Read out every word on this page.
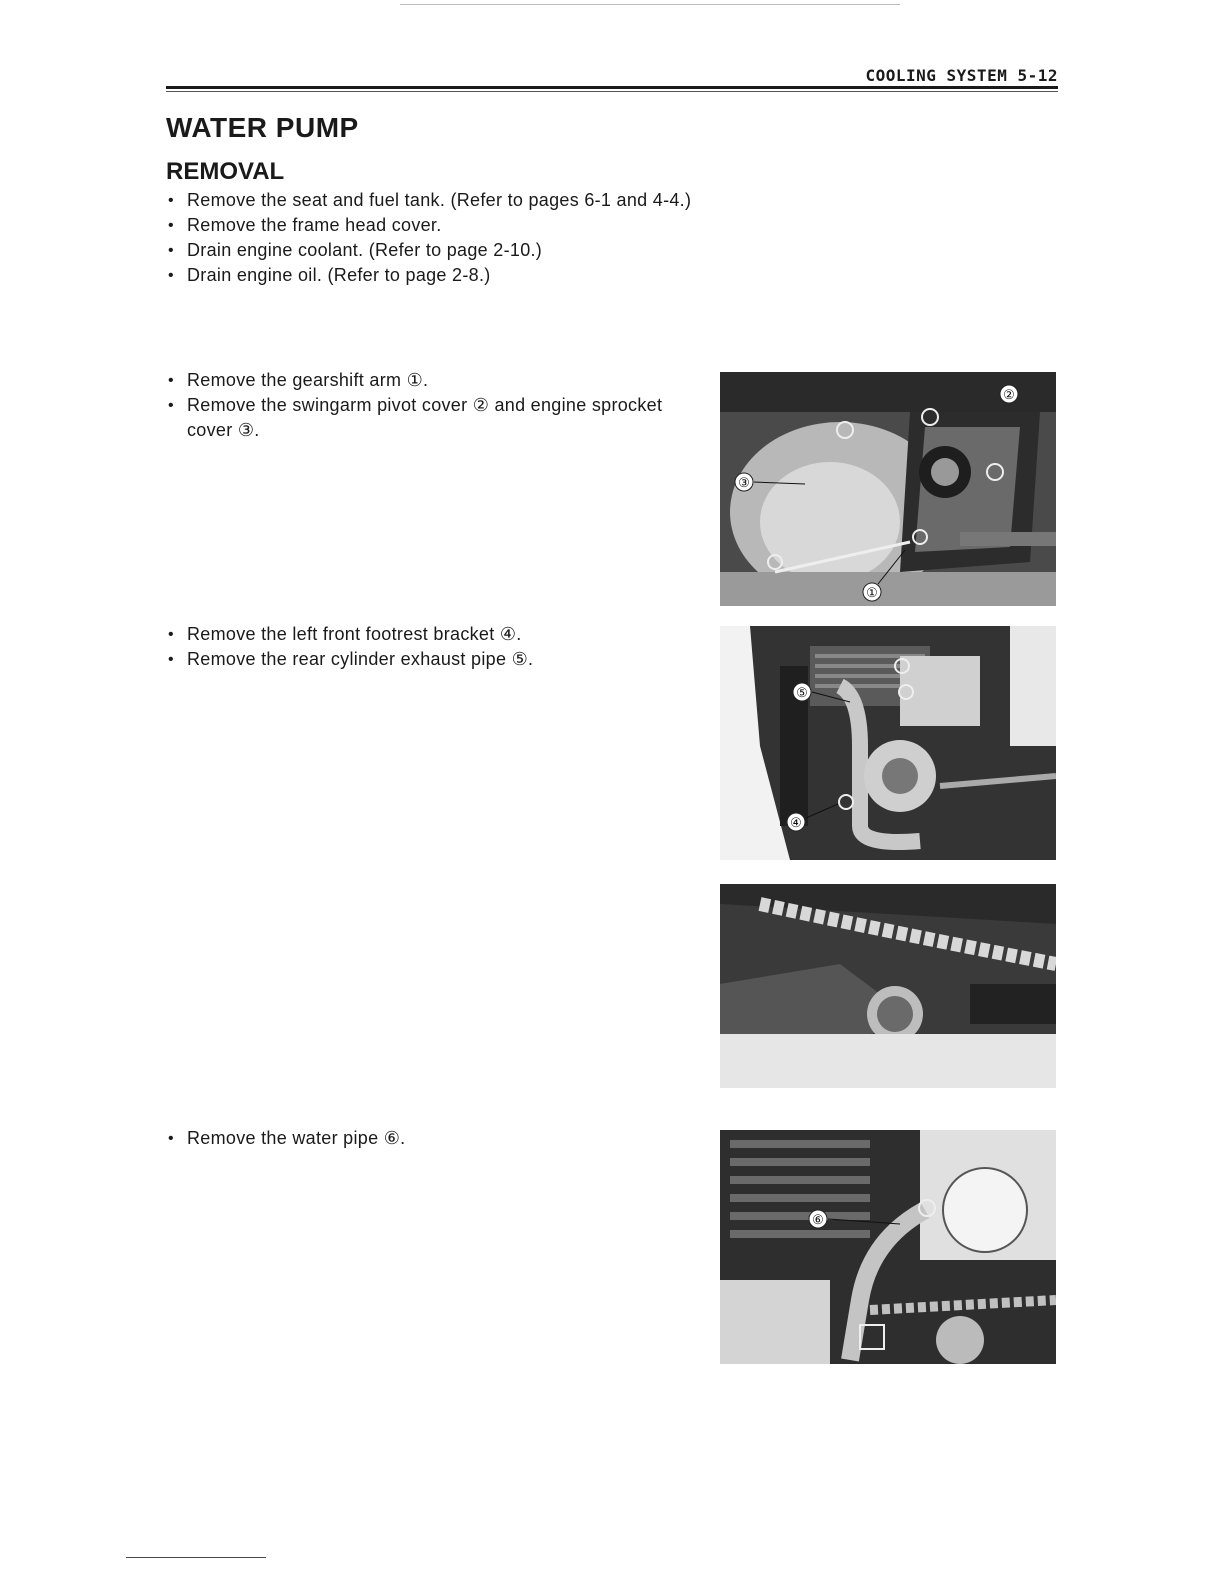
COOLING SYSTEM 5-12
WATER PUMP
REMOVAL
• Remove the seat and fuel tank. (Refer to pages 6-1 and 4-4.)
• Remove the frame head cover.
• Drain engine coolant. (Refer to page 2-10.)
• Drain engine oil. (Refer to page 2-8.)
• Remove the gearshift arm ①.
• Remove the swingarm pivot cover ② and engine sprocket cover ③.
• Remove the left front footrest bracket ④.
• Remove the rear cylinder exhaust pipe ⑤.
• Remove the water pipe ⑥.
②
③
①
⑤
④
⑥
